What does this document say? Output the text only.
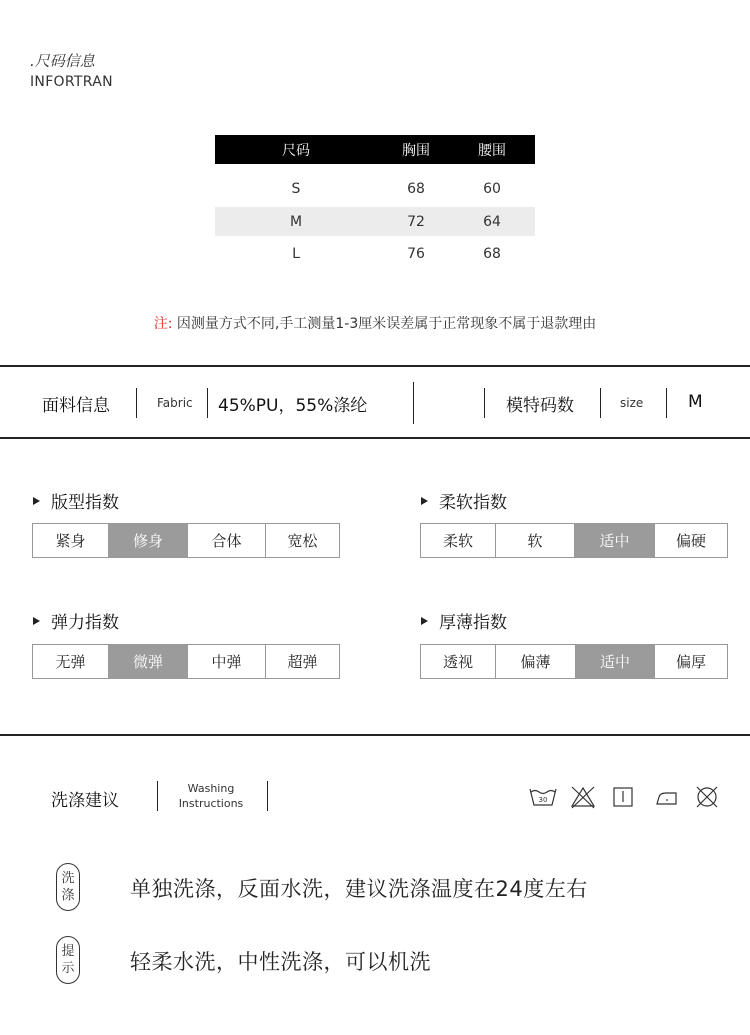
.尺码信息
INFORTRAN
尺码	胸围	腰围
S	68	60
M	72	64
L	76	68
注: 因测量方式不同,手工测量1-3厘米误差属于正常现象不属于退款理由
面料信息	Fabric 45%PU，55%涤纶	模特码数	size	M
版型指数
紧身	修身	合体	宽松
柔软指数
柔软	软	适中	偏硬
弹力指数
无弹	微弹	中弹	超弹
厚薄指数
透视	偏薄	适中	偏厚
洗涤建议
Washing
Instructions	30
洗
涤	单独洗涤，反面水洗，建议洗涤温度在24度左右
提
示	轻柔水洗，中性洗涤，可以机洗
